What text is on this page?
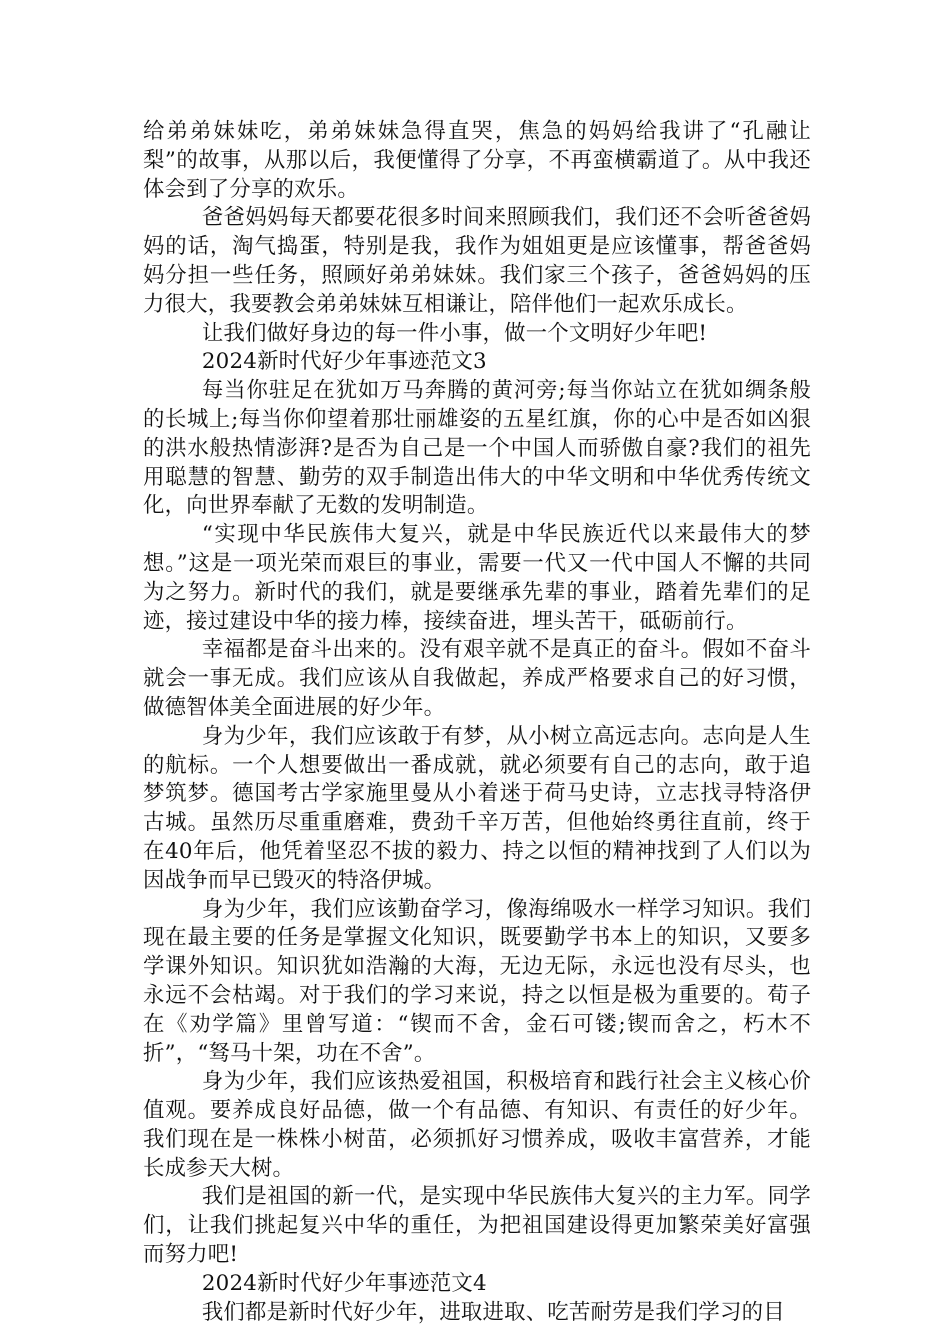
给弟弟妹妹吃，弟弟妹妹急得直哭，焦急的妈妈给我讲了“孔融让梨”的故事，从那以后，我便懂得了分享，不再蛮横霸道了。从中我还体会到了分享的欢乐。

爸爸妈妈每天都要花很多时间来照顾我们，我们还不会听爸爸妈妈的话，淘气捣蛋，特别是我，我作为姐姐更是应该懂事，帮爸爸妈妈分担一些任务，照顾好弟弟妹妹。我们家三个孩子，爸爸妈妈的压力很大，我要教会弟弟妹妹互相谦让，陪伴他们一起欢乐成长。

让我们做好身边的每一件小事，做一个文明好少年吧!

2024新时代好少年事迹范文3

每当你驻足在犹如万马奔腾的黄河旁;每当你站立在犹如绸条般的长城上;每当你仰望着那壮丽雄姿的五星红旗，你的心中是否如凶狠的洪水般热情澎湃?是否为自己是一个中国人而骄傲自豪?我们的祖先用聪慧的智慧、勤劳的双手制造出伟大的中华文明和中华优秀传统文化，向世界奉献了无数的发明制造。

“实现中华民族伟大复兴，就是中华民族近代以来最伟大的梦想。”这是一项光荣而艰巨的事业，需要一代又一代中国人不懈的共同为之努力。新时代的我们，就是要继承先辈的事业，踏着先辈们的足迹，接过建设中华的接力棒，接续奋进，埋头苦干，砥砺前行。

幸福都是奋斗出来的。没有艰辛就不是真正的奋斗。假如不奋斗就会一事无成。我们应该从自我做起，养成严格要求自己的好习惯，做德智体美全面进展的好少年。

身为少年，我们应该敢于有梦，从小树立高远志向。志向是人生的航标。一个人想要做出一番成就，就必须要有自己的志向，敢于追梦筑梦。德国考古学家施里曼从小着迷于荷马史诗，立志找寻特洛伊古城。虽然历尽重重磨难，费劲千辛万苦，但他始终勇往直前，终于在40年后，他凭着坚忍不拔的毅力、持之以恒的精神找到了人们以为因战争而早已毁灭的特洛伊城。

身为少年，我们应该勤奋学习，像海绵吸水一样学习知识。我们现在最主要的任务是掌握文化知识，既要勤学书本上的知识，又要多学课外知识。知识犹如浩瀚的大海，无边无际，永远也没有尽头，也永远不会枯竭。对于我们的学习来说，持之以恒是极为重要的。荀子在《劝学篇》里曾写道：“锲而不舍，金石可镂;锲而舍之，朽木不折”，“驽马十架，功在不舍”。

身为少年，我们应该热爱祖国，积极培育和践行社会主义核心价值观。要养成良好品德，做一个有品德、有知识、有责任的好少年。我们现在是一株株小树苗，必须抓好习惯养成，吸收丰富营养，才能长成参天大树。

我们是祖国的新一代，是实现中华民族伟大复兴的主力军。同学们，让我们挑起复兴中华的重任，为把祖国建设得更加繁荣美好富强而努力吧!

2024新时代好少年事迹范文4

我们都是新时代好少年，进取进取、吃苦耐劳是我们学习的目
